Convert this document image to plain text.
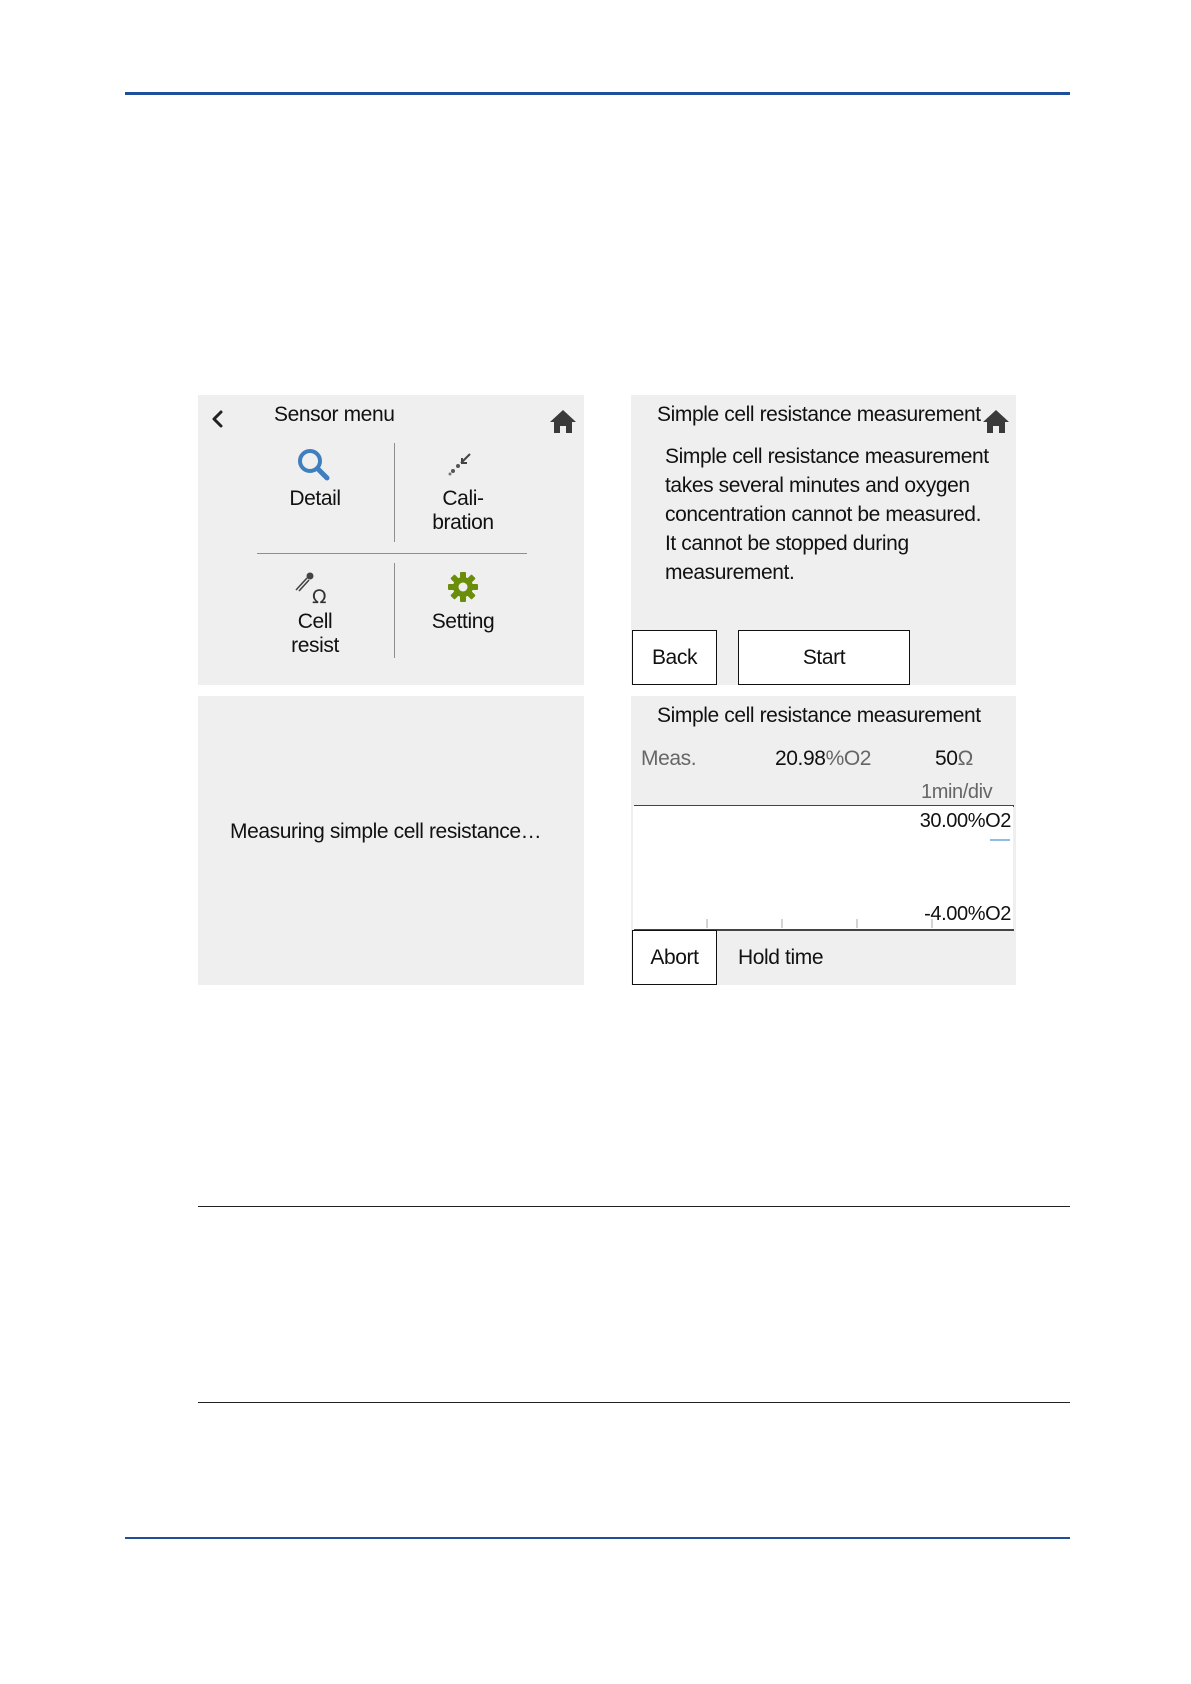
Sensor menu
Detail	Cali-
bration
Ω
Cell
resist
Setting
Simple cell resistance measurement
Simple cell resistance measurement
takes several minutes and oxygen
concentration cannot be measured.
It cannot be stopped during
measurement.
Back	Start
Measuring simple cell resistance…
Simple cell resistance measurement
Meas.	20.98%O2	50Ω
1min/div
30.00%O2
-4.00%O2
Abort	Hold time
